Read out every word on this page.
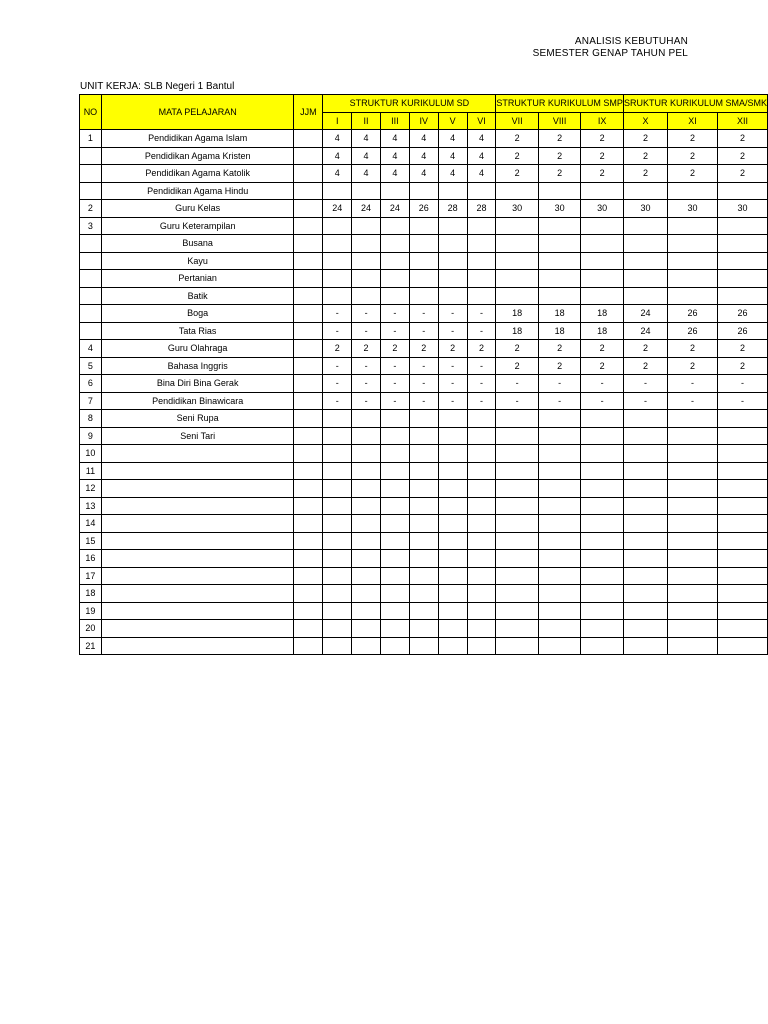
ANALISIS KEBUTUHAN
SEMESTER GENAP TAHUN PEL
UNIT KERJA: SLB Negeri 1 Bantul
NO	MATA PELAJARAN	JJM	STRUKTUR KURIKULUM SD						STRUKTUR KURIKULUM SMP			SRUKTUR KURIKULUM SMA/SMK		
			I	II	III	IV	V	VI	VII	VIII	IX	X	XI	XII
1	Pendidikan Agama Islam		4	4	4	4	4	4	2	2	2	2	2	2
	Pendidikan Agama Kristen		4	4	4	4	4	4	2	2	2	2	2	2
	Pendidikan Agama Katolik		4	4	4	4	4	4	2	2	2	2	2	2
	Pendidikan Agama Hindu													
2	Guru Kelas		24	24	24	26	28	28	30	30	30	30	30	30
3	Guru Keterampilan													
	Busana													
	Kayu													
	Pertanian													
	Batik													
	Boga		-	-	-	-	-	-	18	18	18	24	26	26
	Tata Rias		-	-	-	-	-	-	18	18	18	24	26	26
4	Guru Olahraga		2	2	2	2	2	2	2	2	2	2	2	2
5	Bahasa Inggris		-	-	-	-	-	-	2	2	2	2	2	2
6	Bina Diri Bina Gerak		-	-	-	-	-	-	-	-	-	-	-	-
7	Pendidikan Binawicara		-	-	-	-	-	-	-	-	-	-	-	-
8	Seni Rupa													
9	Seni Tari													
10														
11														
12														
13														
14														
15														
16														
17														
18														
19														
20														
21														
